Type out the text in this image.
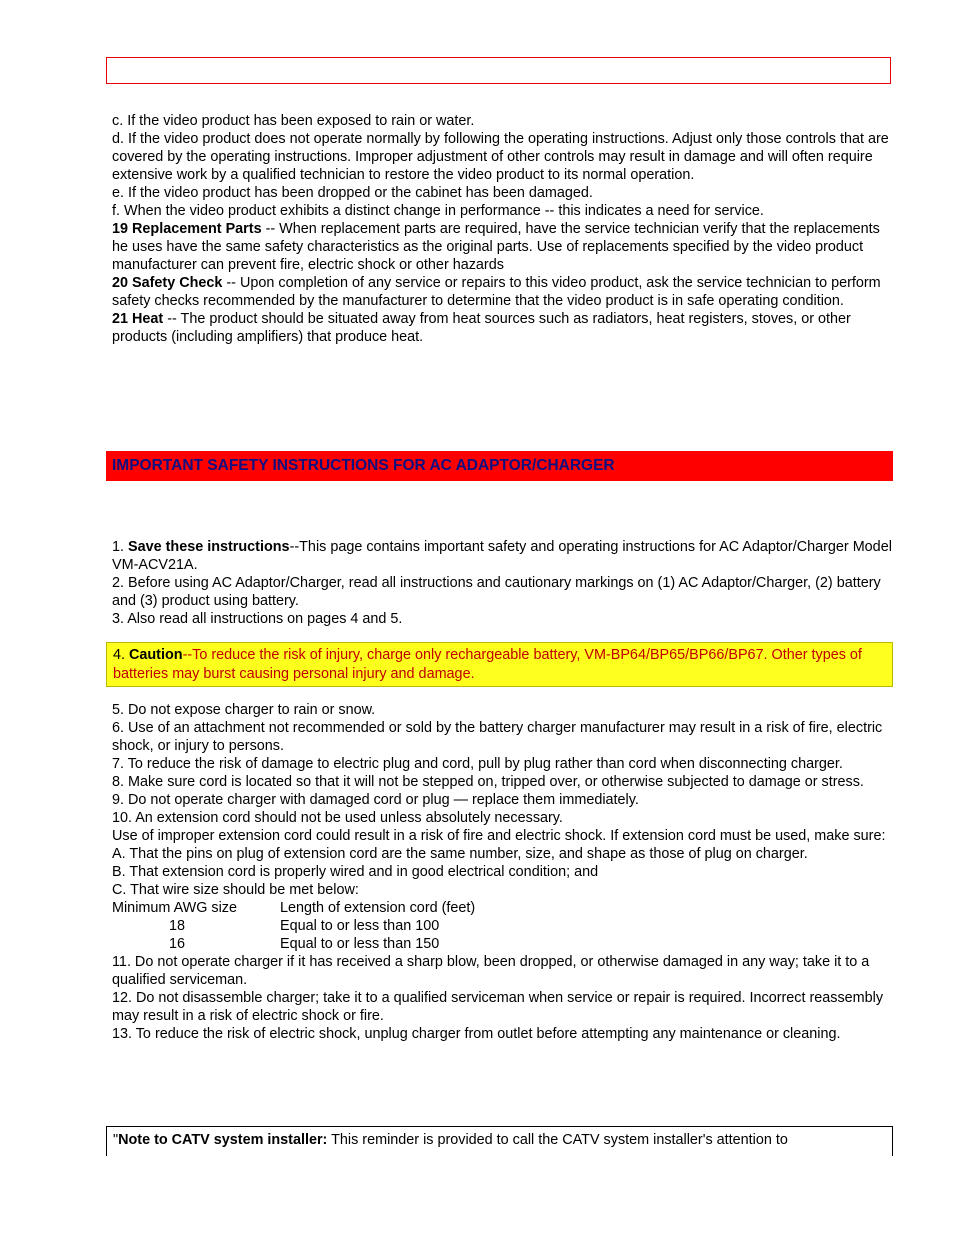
c. If the video product has been exposed to rain or water.

d. If the video product does not operate normally by following the operating instructions. Adjust only those controls that are covered by the operating instructions. Improper adjustment of other controls may result in damage and will often require extensive work by a qualified technician to restore the video product to its normal operation.

e. If the video product has been dropped or the cabinet has been damaged.

f. When the video product exhibits a distinct change in performance -- this indicates a need for service.

19 Replacement Parts -- When replacement parts are required, have the service technician verify that the replacements he uses have the same safety characteristics as the original parts. Use of replacements specified by the video product manufacturer can prevent fire, electric shock or other hazards

20 Safety Check -- Upon completion of any service or repairs to this video product, ask the service technician to perform safety checks recommended by the manufacturer to determine that the video product is in safe operating condition.

21 Heat -- The product should be situated away from heat sources such as radiators, heat registers, stoves, or other products (including amplifiers) that produce heat.

IMPORTANT SAFETY INSTRUCTIONS FOR AC ADAPTOR/CHARGER

1. Save these instructions--This page contains important safety and operating instructions for AC Adaptor/Charger Model VM-ACV21A.

2. Before using AC Adaptor/Charger, read all instructions and cautionary markings on (1) AC Adaptor/Charger, (2) battery and (3) product using battery.

3. Also read all instructions on pages 4 and 5.

4. Caution--To reduce the risk of injury, charge only rechargeable battery, VM-BP64/BP65/BP66/BP67. Other types of batteries may burst causing personal injury and damage.

5. Do not expose charger to rain or snow.

6. Use of an attachment not recommended or sold by the battery charger manufacturer may result in a risk of fire, electric shock, or injury to persons.

7. To reduce the risk of damage to electric plug and cord, pull by plug rather than cord when disconnecting charger.

8. Make sure cord is located so that it will not be stepped on, tripped over, or otherwise subjected to damage or stress.

9. Do not operate charger with damaged cord or plug — replace them immediately.

10. An extension cord should not be used unless absolutely necessary.

Use of improper extension cord could result in a risk of fire and electric shock. If extension cord must be used, make sure:

A. That the pins on plug of extension cord are the same number, size, and shape as those of plug on charger.

B. That extension cord is properly wired and in good electrical condition; and

C. That wire size should be met below:

Minimum AWG size	Length of extension cord (feet)
18	Equal to or less than 100
16	Equal to or less than 150

11. Do not operate charger if it has received a sharp blow, been dropped, or otherwise damaged in any way; take it to a qualified serviceman.

12. Do not disassemble charger; take it to a qualified serviceman when service or repair is required. Incorrect reassembly may result in a risk of electric shock or fire.

13. To reduce the risk of electric shock, unplug charger from outlet before attempting any maintenance or cleaning.

"Note to CATV system installer: This reminder is provided to call the CATV system installer's attention to
